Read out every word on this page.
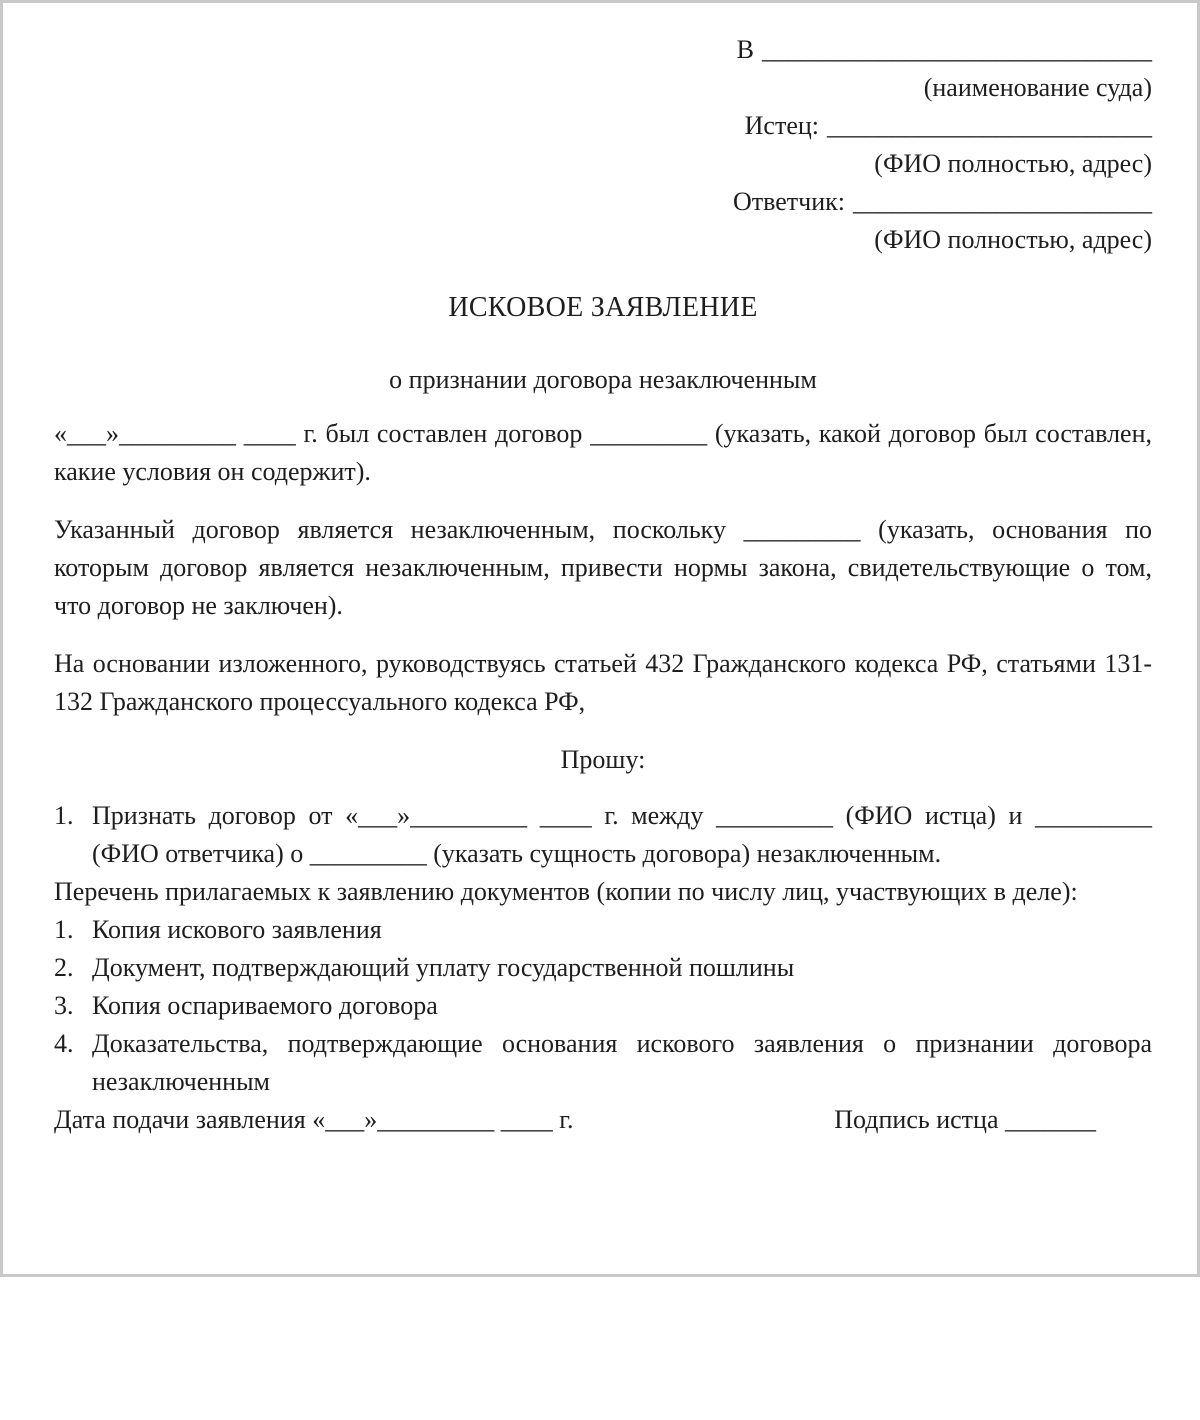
В ______________________________
(наименование суда)
Истец: _________________________
(ФИО полностью, адрес)
Ответчик: _______________________
(ФИО полностью, адрес)
ИСКОВОЕ ЗАЯВЛЕНИЕ
о признании договора незаключенным
«___»_________ ____ г. был составлен договор _________ (указать, какой договор был составлен, какие условия он содержит).
Указанный договор является незаключенным, поскольку _________ (указать, основания по которым договор является незаключенным, привести нормы закона, свидетельствующие о том, что договор не заключен).
На основании изложенного, руководствуясь статьей 432 Гражданского кодекса РФ, статьями 131-132 Гражданского процессуального кодекса РФ,
Прошу:
1. Признать договор от «___»_________ ____ г. между _________ (ФИО истца) и _________ (ФИО ответчика) о _________ (указать сущность договора) незаключенным.
Перечень прилагаемых к заявлению документов (копии по числу лиц, участвующих в деле):
1. Копия искового заявления
2. Документ, подтверждающий уплату государственной пошлины
3. Копия оспариваемого договора
4. Доказательства, подтверждающие основания искового заявления о признании договора незаключенным
Дата подачи заявления «___»_________ ____ г.	Подпись истца _______
